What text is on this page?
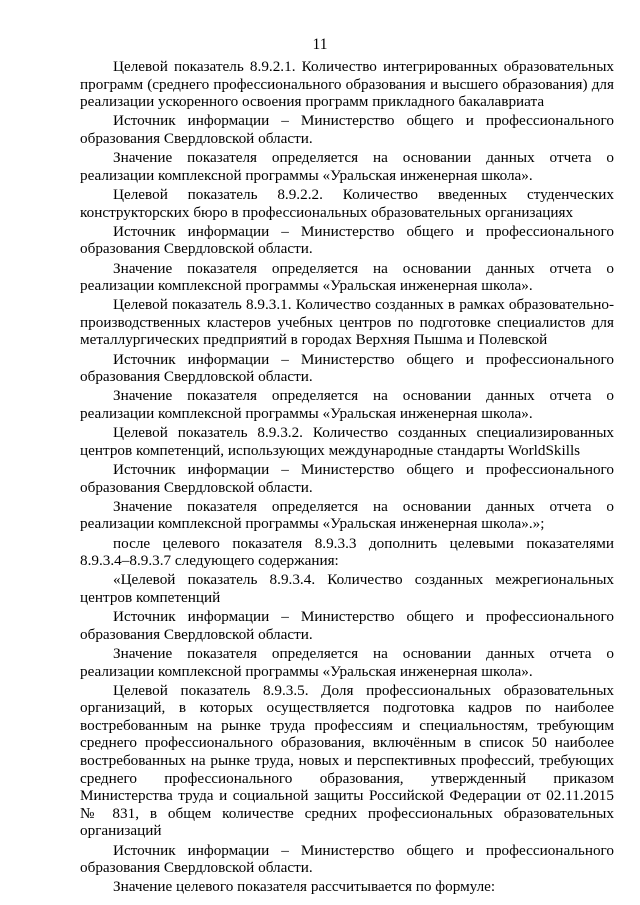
11

Целевой показатель 8.9.2.1. Количество интегрированных образовательных программ (среднего профессионального образования и высшего образования) для реализации ускоренного освоения программ прикладного бакалавриата

Источник информации – Министерство общего и профессионального образования Свердловской области.

Значение показателя определяется на основании данных отчета о реализации комплексной программы «Уральская инженерная школа».

Целевой показатель 8.9.2.2. Количество введенных студенческих конструкторских бюро в профессиональных образовательных организациях

Источник информации – Министерство общего и профессионального образования Свердловской области.

Значение показателя определяется на основании данных отчета о реализации комплексной программы «Уральская инженерная школа».

Целевой показатель 8.9.3.1. Количество созданных в рамках образовательно-производственных кластеров учебных центров по подготовке специалистов для металлургических предприятий в городах Верхняя Пышма и Полевской

Источник информации – Министерство общего и профессионального образования Свердловской области.

Значение показателя определяется на основании данных отчета о реализации комплексной программы «Уральская инженерная школа».

Целевой показатель 8.9.3.2. Количество созданных специализированных центров компетенций, использующих международные стандарты WorldSkills

Источник информации – Министерство общего и профессионального образования Свердловской области.

Значение показателя определяется на основании данных отчета о реализации комплексной программы «Уральская инженерная школа».»;

после целевого показателя 8.9.3.3 дополнить целевыми показателями 8.9.3.4–8.9.3.7 следующего содержания:

«Целевой показатель 8.9.3.4. Количество созданных межрегиональных центров компетенций

Источник информации – Министерство общего и профессионального образования Свердловской области.

Значение показателя определяется на основании данных отчета о реализации комплексной программы «Уральская инженерная школа».

Целевой показатель 8.9.3.5. Доля профессиональных образовательных организаций, в которых осуществляется подготовка кадров по наиболее востребованным на рынке труда профессиям и специальностям, требующим среднего профессионального образования, включённым в список 50 наиболее востребованных на рынке труда, новых и перспективных профессий, требующих среднего профессионального образования, утвержденный приказом Министерства труда и социальной защиты Российской Федерации от 02.11.2015 № 831, в общем количестве средних профессиональных образовательных организаций

Источник информации – Министерство общего и профессионального образования Свердловской области.

Значение целевого показателя рассчитывается по формуле:
